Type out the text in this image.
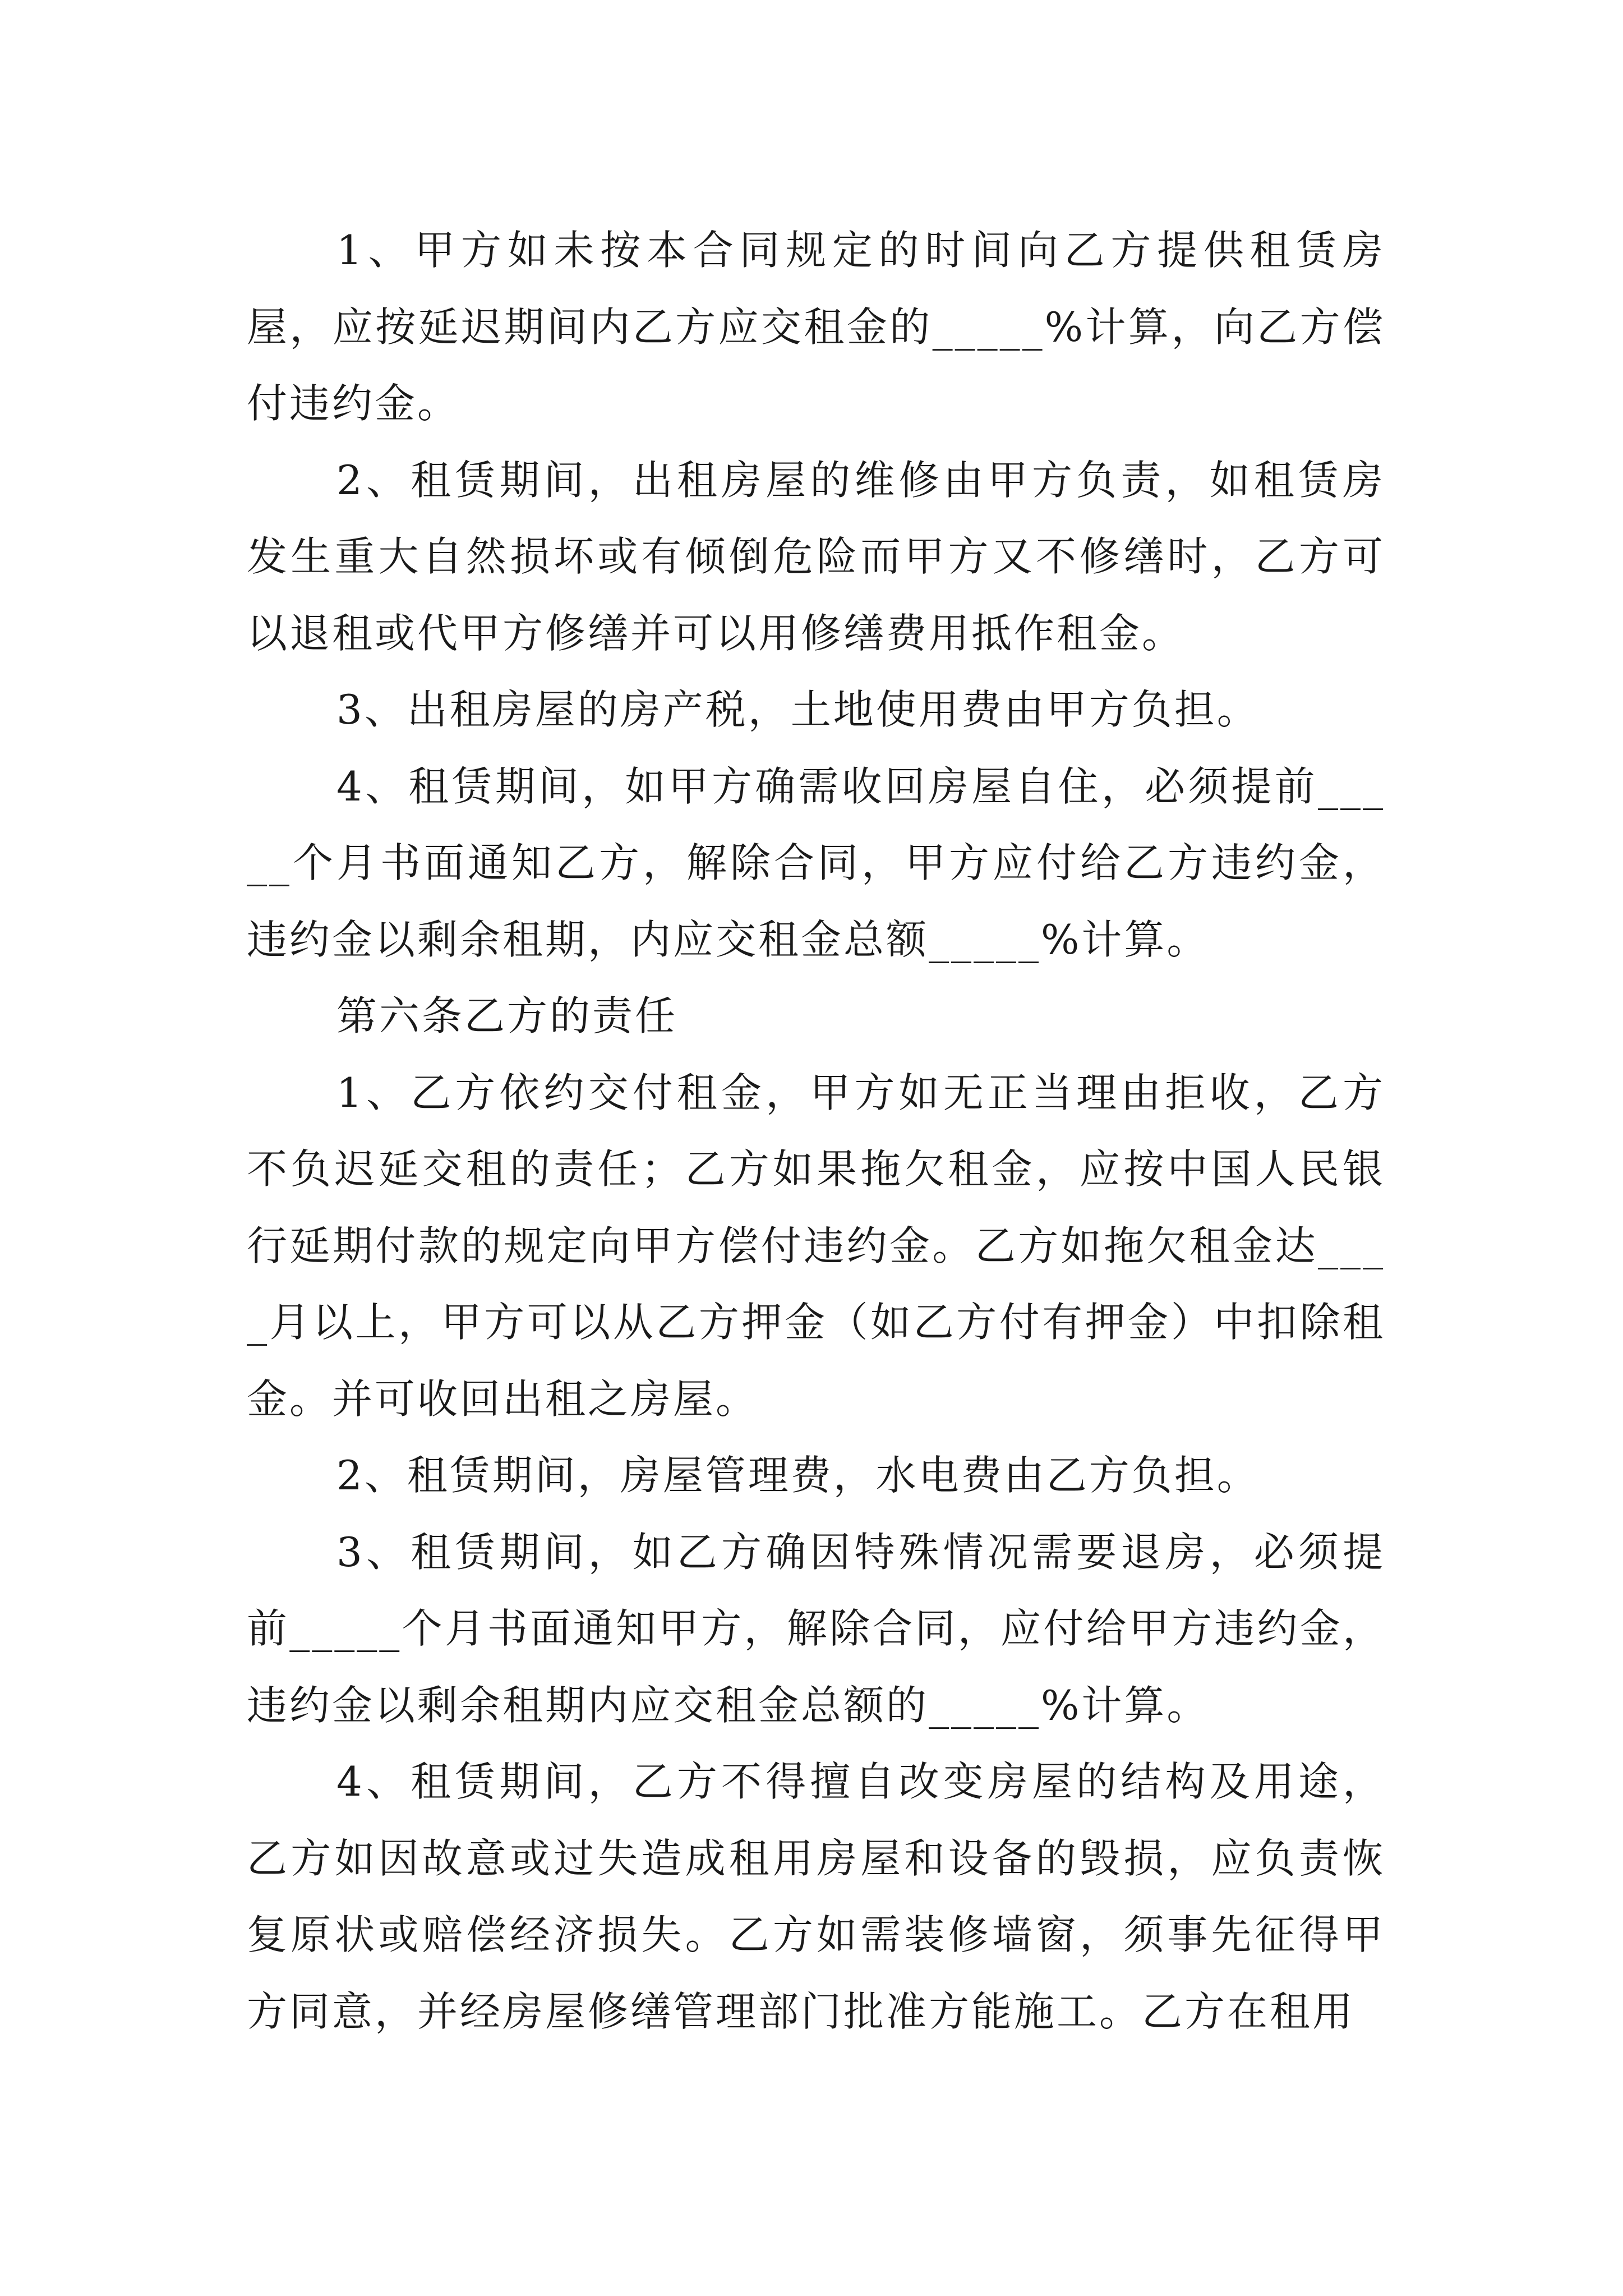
1、甲方如未按本合同规定的时间向乙方提供租赁房屋，应按延迟期间内乙方应交租金的_____%计算，向乙方偿付违约金。

2、租赁期间，出租房屋的维修由甲方负责，如租赁房发生重大自然损坏或有倾倒危险而甲方又不修缮时，乙方可以退租或代甲方修缮并可以用修缮费用抵作租金。

3、出租房屋的房产税，土地使用费由甲方负担。

4、租赁期间，如甲方确需收回房屋自住，必须提前_____个月书面通知乙方，解除合同，甲方应付给乙方违约金，违约金以剩余租期，内应交租金总额_____%计算。

第六条乙方的责任

1、乙方依约交付租金，甲方如无正当理由拒收，乙方不负迟延交租的责任；乙方如果拖欠租金，应按中国人民银行延期付款的规定向甲方偿付违约金。乙方如拖欠租金达____月以上，甲方可以从乙方押金（如乙方付有押金）中扣除租金。并可收回出租之房屋。

2、租赁期间，房屋管理费，水电费由乙方负担。

3、租赁期间，如乙方确因特殊情况需要退房，必须提前_____个月书面通知甲方，解除合同，应付给甲方违约金，违约金以剩余租期内应交租金总额的_____%计算。

4、租赁期间，乙方不得擅自改变房屋的结构及用途，乙方如因故意或过失造成租用房屋和设备的毁损，应负责恢复原状或赔偿经济损失。乙方如需装修墙窗，须事先征得甲方同意，并经房屋修缮管理部门批准方能施工。乙方在租用
